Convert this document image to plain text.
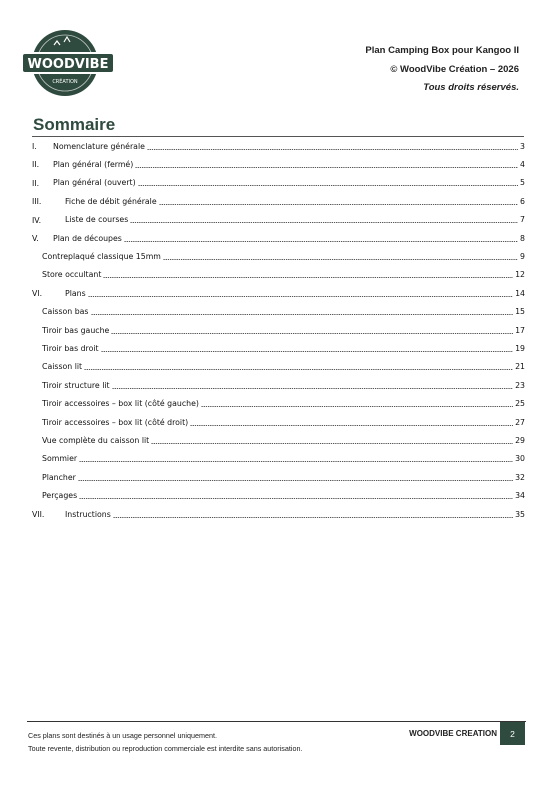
WOODVIBE
CRÉATION
Plan Camping Box pour Kangoo II
© WoodVibe Création – 2026
Tous droits réservés.
Sommaire
I. Nomenclature générale	3
II. Plan général (fermé)	4
II. Plan général (ouvert)	5
III.	Fiche de débit générale	6
IV.	Liste de courses	7
V. Plan de découpes	8
Contreplaqué classique 15mm	9
Store occultant	12
VI.	Plans	14
Caisson bas	15
Tiroir bas gauche	17
Tiroir bas droit	19
Caisson lit	21
Tiroir structure lit	23
Tiroir accessoires – box lit (côté gauche)	25
Tiroir accessoires – box lit (côté droit)	27
Vue complète du caisson lit	29
Sommier	30
Plancher	32
Perçages	34
VII.	Instructions	35
Ces plans sont destinés à un usage personnel uniquement.
Toute revente, distribution ou reproduction commerciale est interdite sans autorisation.
WOODVIBE CREATION	2
